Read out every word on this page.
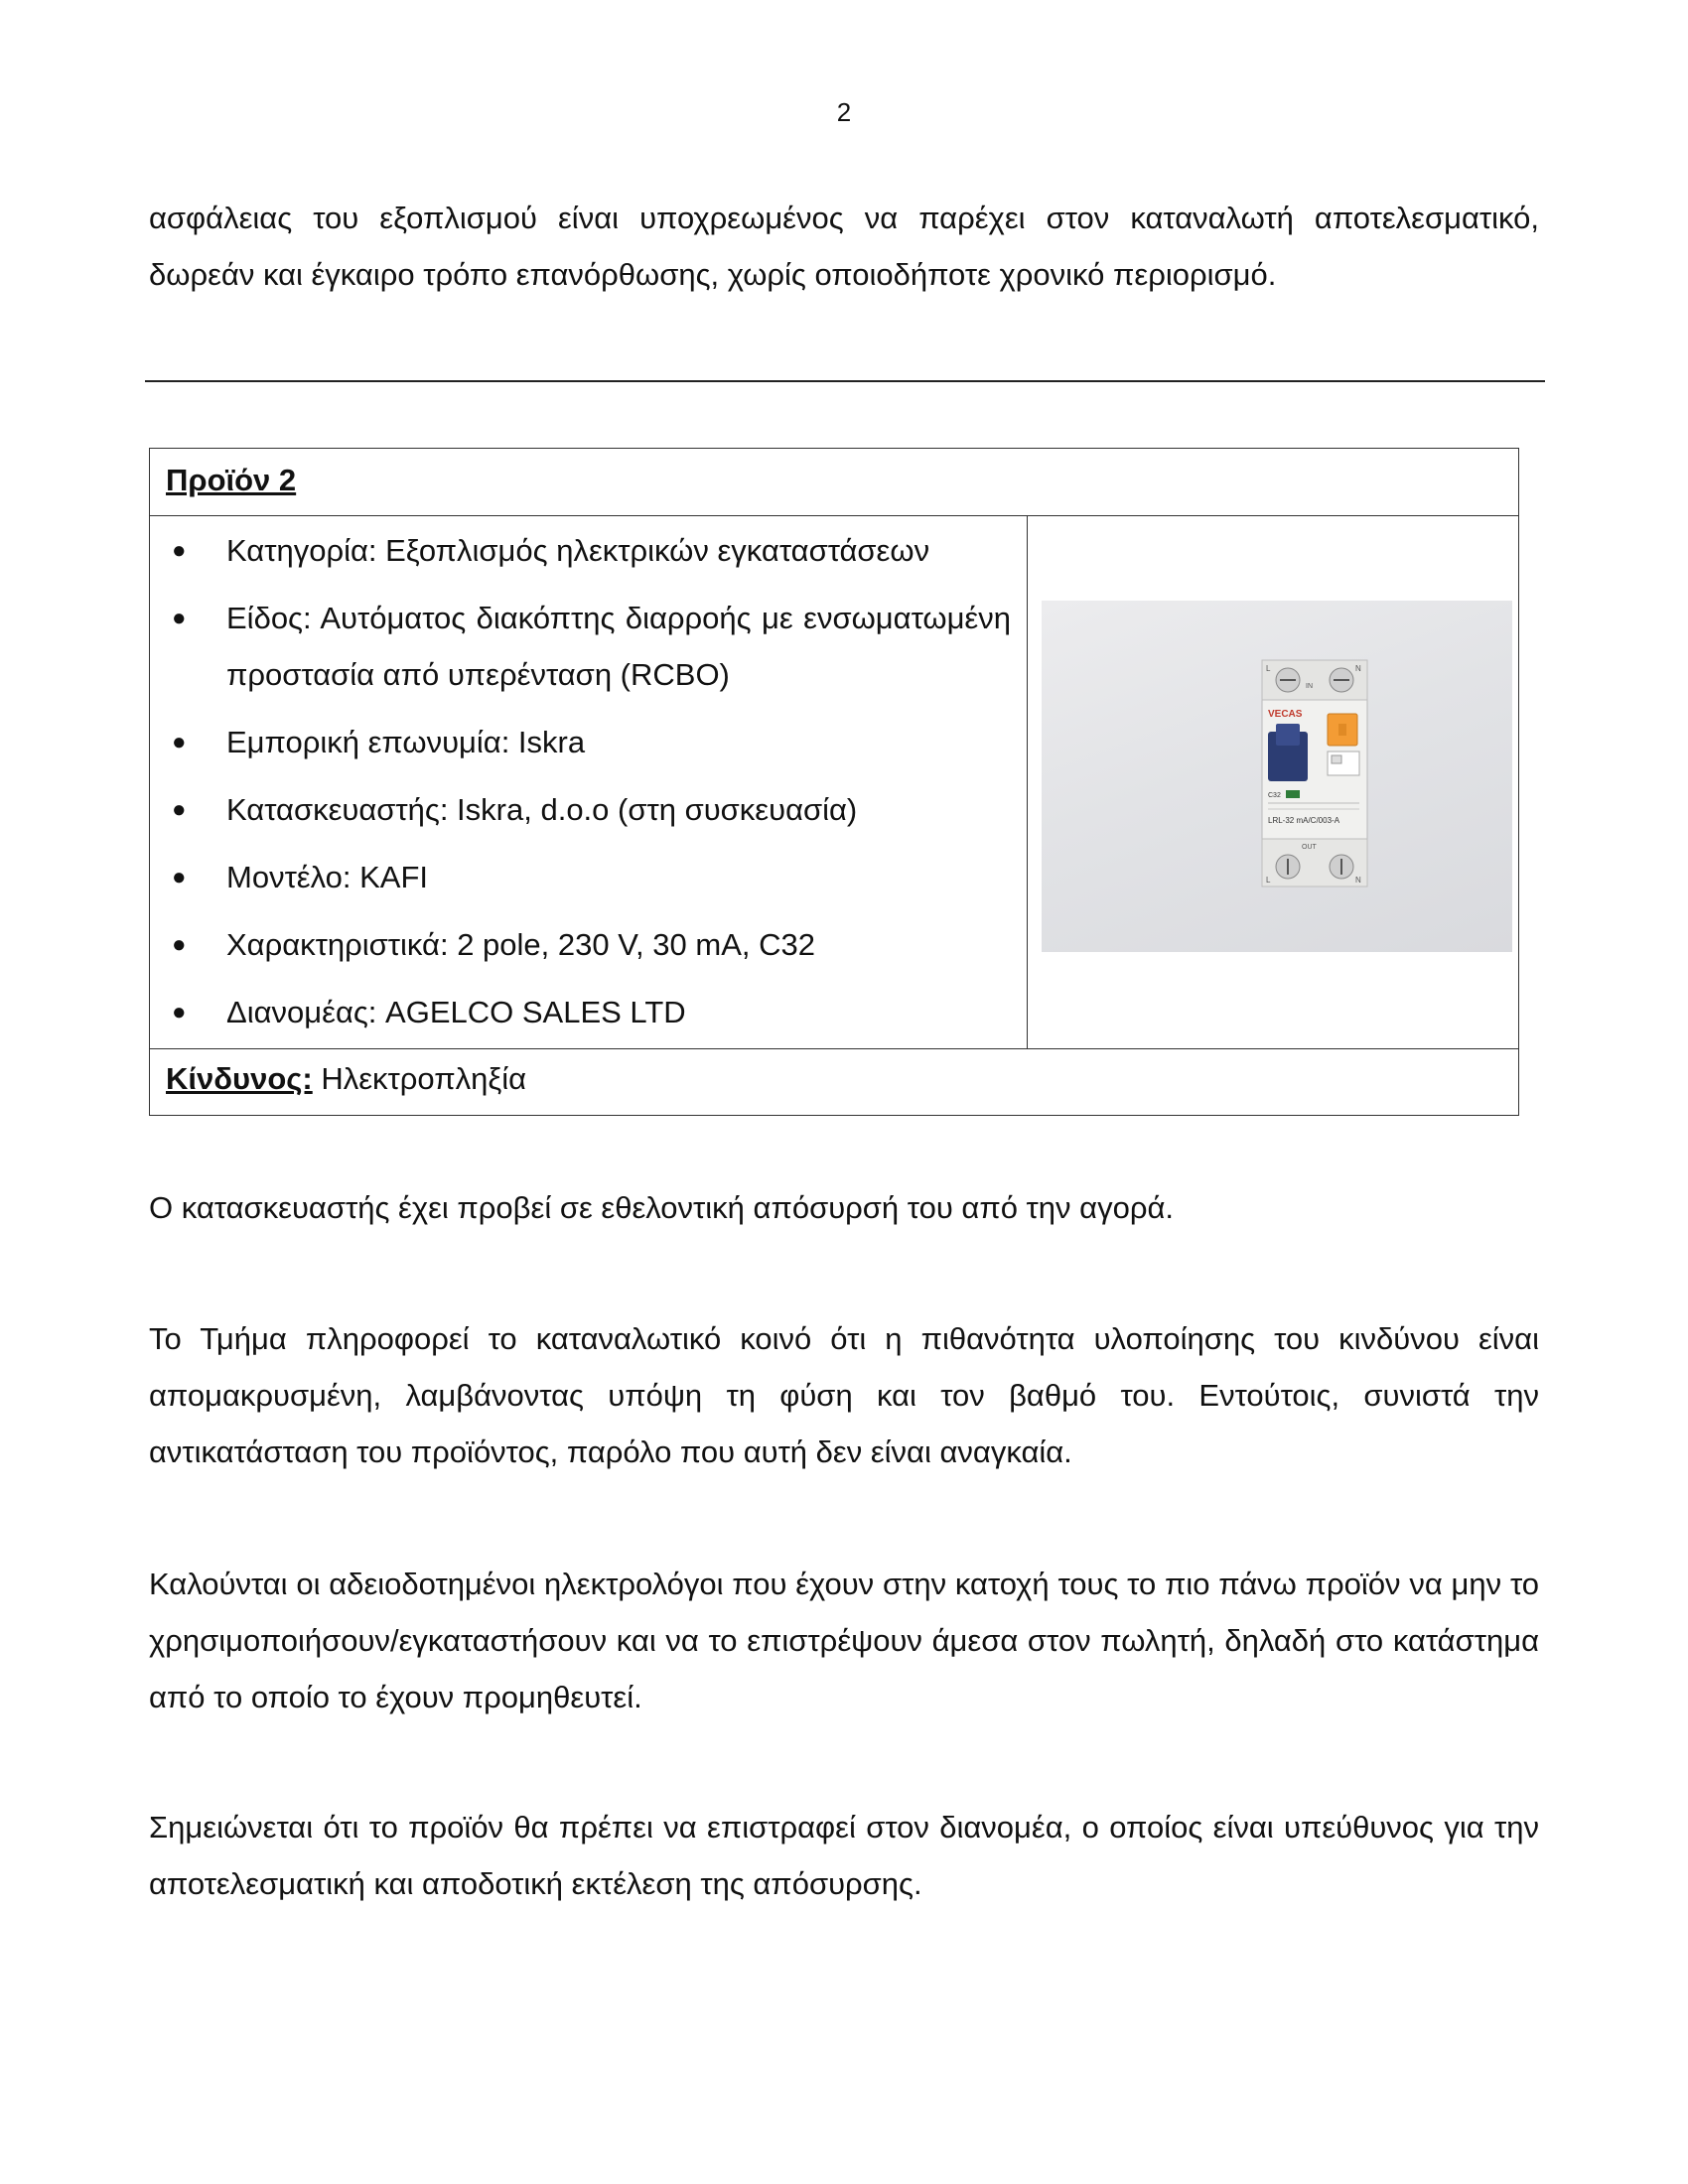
2

ασφάλειας του εξοπλισμού είναι υποχρεωμένος να παρέχει στον καταναλωτή αποτελεσματικό, δωρεάν και έγκαιρο τρόπο επανόρθωσης, χωρίς οποιοδήποτε χρονικό περιορισμό.

Προϊόν 2
● Κατηγορία: Εξοπλισμός ηλεκτρικών εγκαταστάσεων
● Είδος: Αυτόματος διακόπτης διαρροής με ενσωματωμένη προστασία από υπερένταση (RCBO)
● Εμπορική επωνυμία: Iskra
● Κατασκευαστής: Iskra, d.o.o (στη συσκευασία)
● Μοντέλο: KAFI
● Χαρακτηριστικά: 2 pole, 230 V, 30 mA, C32
● Διανομέας: AGELCO SALES LTD
L	N
IN
VECAS
C32
LRL-32 mA/C/003-A
OUT
L	N
Κίνδυνος: Ηλεκτροπληξία

Ο κατασκευαστής έχει προβεί σε εθελοντική απόσυρσή του από την αγορά.

Το Τμήμα πληροφορεί το καταναλωτικό κοινό ότι η πιθανότητα υλοποίησης του κινδύνου είναι απομακρυσμένη, λαμβάνοντας υπόψη τη φύση και τον βαθμό του. Εντούτοις, συνιστά την αντικατάσταση του προϊόντος, παρόλο που αυτή δεν είναι αναγκαία.

Καλούνται οι αδειοδοτημένοι ηλεκτρολόγοι που έχουν στην κατοχή τους το πιο πάνω προϊόν να μην το χρησιμοποιήσουν/εγκαταστήσουν και να το επιστρέψουν άμεσα στον πωλητή, δηλαδή στο κατάστημα από το οποίο το έχουν προμηθευτεί.

Σημειώνεται ότι το προϊόν θα πρέπει να επιστραφεί στον διανομέα, ο οποίος είναι υπεύθυνος για την αποτελεσματική και αποδοτική εκτέλεση της απόσυρσης.
